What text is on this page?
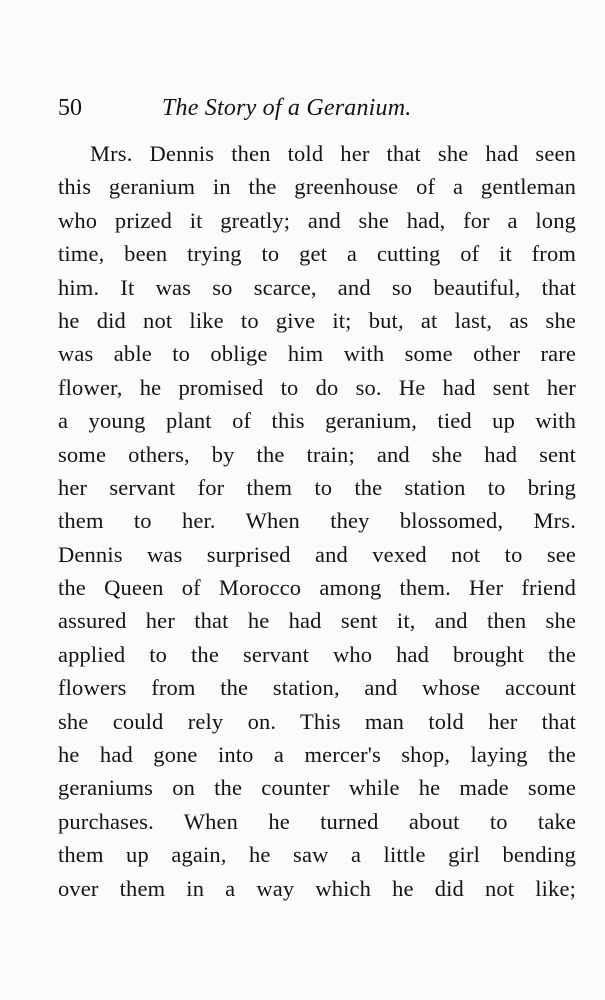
50	The Story of a Geranium.
Mrs. Dennis then told her that she had seen
this geranium in the greenhouse of a gentleman
who prized it greatly; and she had, for a long
time, been trying to get a cutting of it from
him. It was so scarce, and so beautiful, that
he did not like to give it; but, at last, as she
was able to oblige him with some other rare
flower, he promised to do so. He had sent her
a young plant of this geranium, tied up with
some others, by the train; and she had sent
her servant for them to the station to bring
them to her. When they blossomed, Mrs.
Dennis was surprised and vexed not to see
the Queen of Morocco among them. Her friend
assured her that he had sent it, and then she
applied to the servant who had brought the
flowers from the station, and whose account
she could rely on. This man told her that
he had gone into a mercer's shop, laying the
geraniums on the counter while he made some
purchases. When he turned about to take
them up again, he saw a little girl bending
over them in a way which he did not like;
